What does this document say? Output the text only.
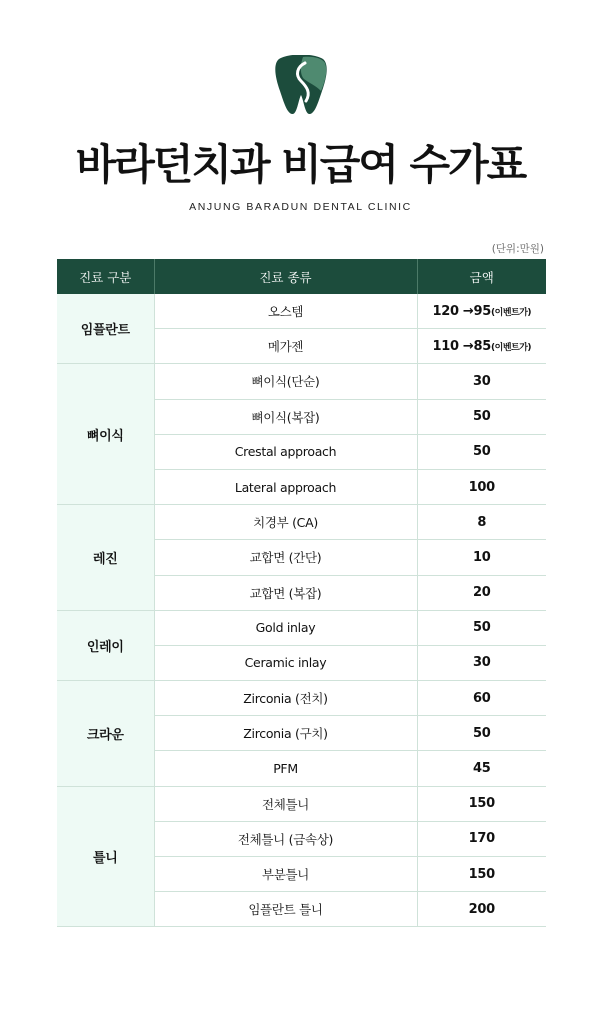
바라던치과 비급여 수가표
ANJUNG BARADUN DENTAL CLINIC
(단위:만원)
진료 구분	진료 종류	금액
임플란트	오스템	120 →95(이벤트가)
	메가젠	110 →85(이벤트가)
뼈이식	뼈이식(단순)	30
	뼈이식(복잡)	50
	Crestal approach	50
	Lateral approach	100
레진	치경부 (CA)	8
	교합면 (간단)	10
	교합면 (복잡)	20
인레이	Gold inlay	50
	Ceramic inlay	30
크라운	Zirconia (전치)	60
	Zirconia (구치)	50
	PFM	45
틀니	전체틀니	150
	전체틀니 (금속상)	170
	부분틀니	150
	임플란트 틀니	200
